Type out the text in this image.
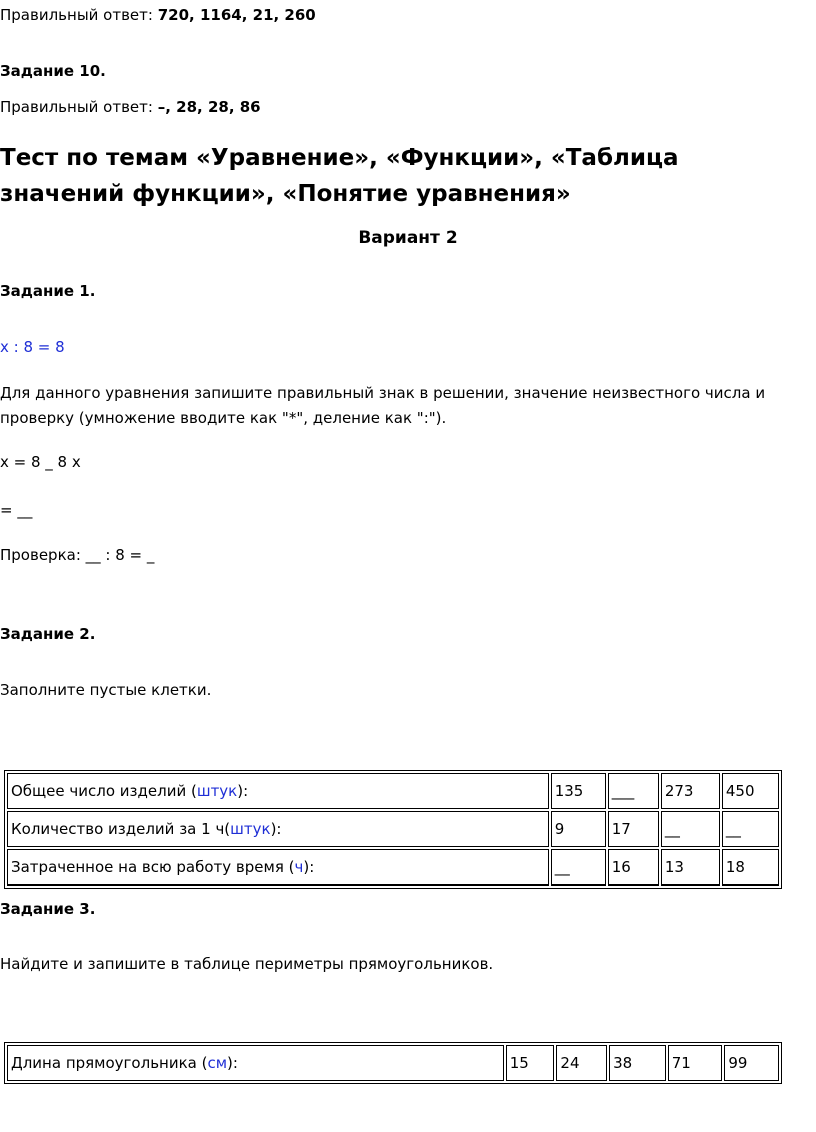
Правильный ответ: 720, 1164, 21, 260
Задание 10.
Правильный ответ: –, 28, 28, 86
Тест по темам «Уравнение», «Функции», «Таблица значений функции», «Понятие уравнения»
Вариант 2
Задание 1.
x : 8 = 8
Для данного уравнения запишите правильный знак в решении, значение неизвестного числа и проверку (умножение вводите как "*", деление как ":").
x = 8 _ 8 x
= __
Проверка: __ : 8 = _
Задание 2.
Заполните пустые клетки.
Общее число изделий (штук):	135	___	273	450
Количество изделий за 1 ч(штук):	9	17	__	__
Затраченное на всю работу время (ч):	__	16	13	18
Задание 3.
Найдите и запишите в таблице периметры прямоугольников.
Длина прямоугольника (см):	15	24	38	71	99
